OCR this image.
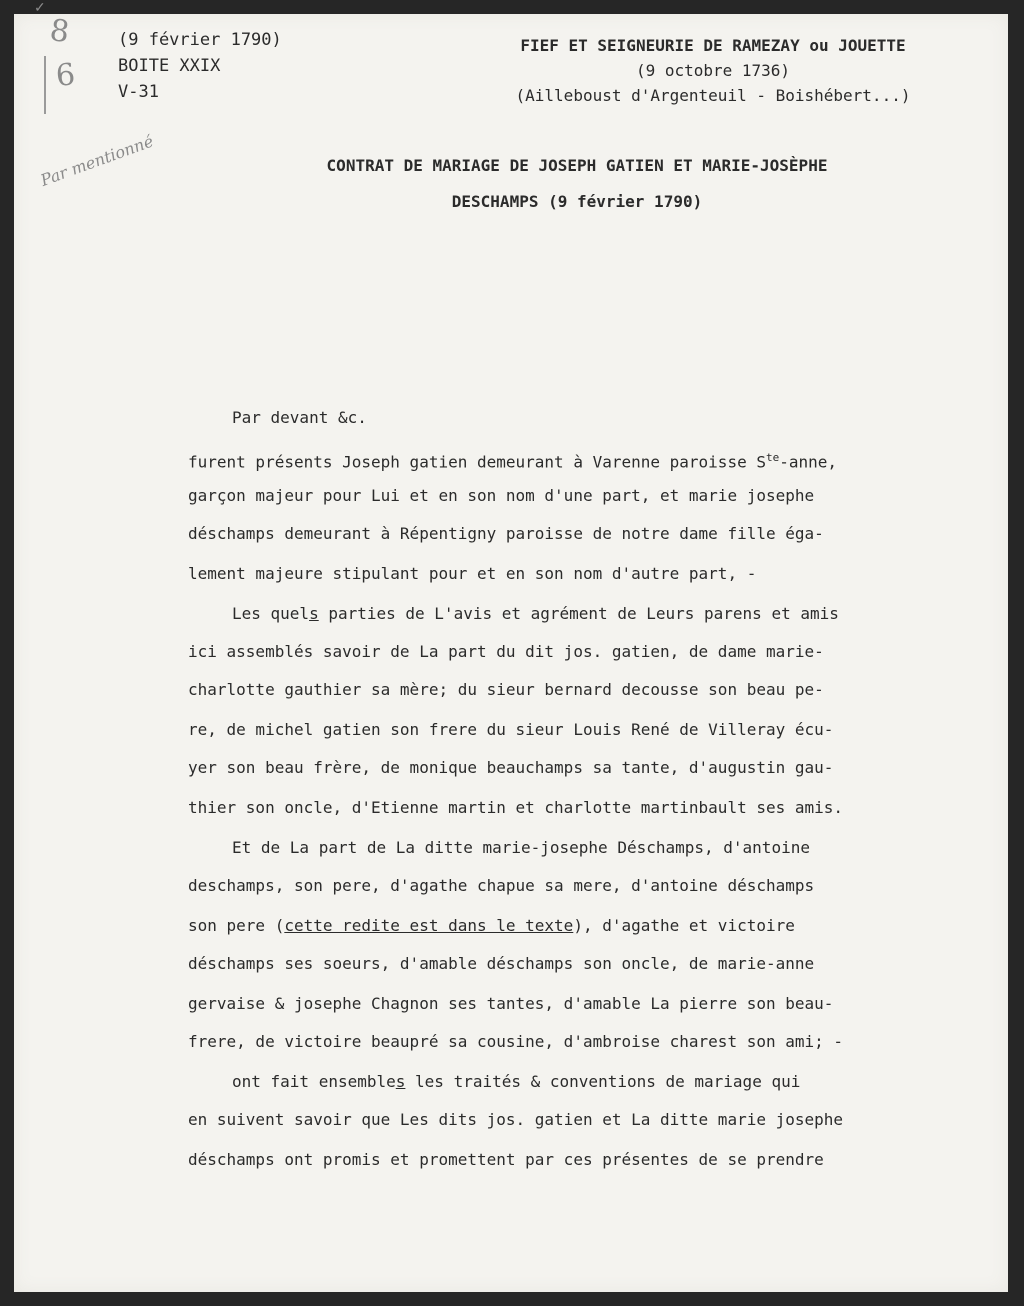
✓
8
6
Par mentionné
(9 février 1790)
BOITE XXIX
V-31
FIEF ET SEIGNEURIE DE RAMEZAY ou JOUETTE
(9 octobre 1736)
(Ailleboust d'Argenteuil - Boishébert...)
CONTRAT DE MARIAGE DE JOSEPH GATIEN ET MARIE-JOSÈPHE
DESCHAMPS (9 février 1790)
Par devant &c.
furent présents Joseph gatien demeurant à Varenne paroisse $S^{te}$-anne,
garçon majeur pour Lui et en son nom d'une part, et marie josephe
déschamps demeurant à Répentigny paroisse de notre dame fille éga-
lement majeure stipulant pour et en son nom d'autre part, -
Les quels parties de L'avis et agrément de Leurs parens et amis
ici assemblés savoir de La part du dit jos. gatien, de dame marie-
charlotte gauthier sa mère; du sieur bernard decousse son beau pe-
re, de michel gatien son frere du sieur Louis René de Villeray écu-
yer son beau frère, de monique beauchamps sa tante, d'augustin gau-
thier son oncle, d'Etienne martin et charlotte martinbault ses amis.
Et de La part de La ditte marie-josephe Déschamps, d'antoine
deschamps, son pere, d'agathe chapue sa mere, d'antoine déschamps
son pere (cette redite est dans le texte), d'agathe et victoire
déschamps ses soeurs, d'amable déschamps son oncle, de marie-anne
gervaise & josephe Chagnon ses tantes, d'amable La pierre son beau-
frere, de victoire beaupré sa cousine, d'ambroise charest son ami; -
ont fait ensembles les traités & conventions de mariage qui
en suivent savoir que Les dits jos. gatien et La ditte marie josephe
déschamps ont promis et promettent par ces présentes de se prendre
